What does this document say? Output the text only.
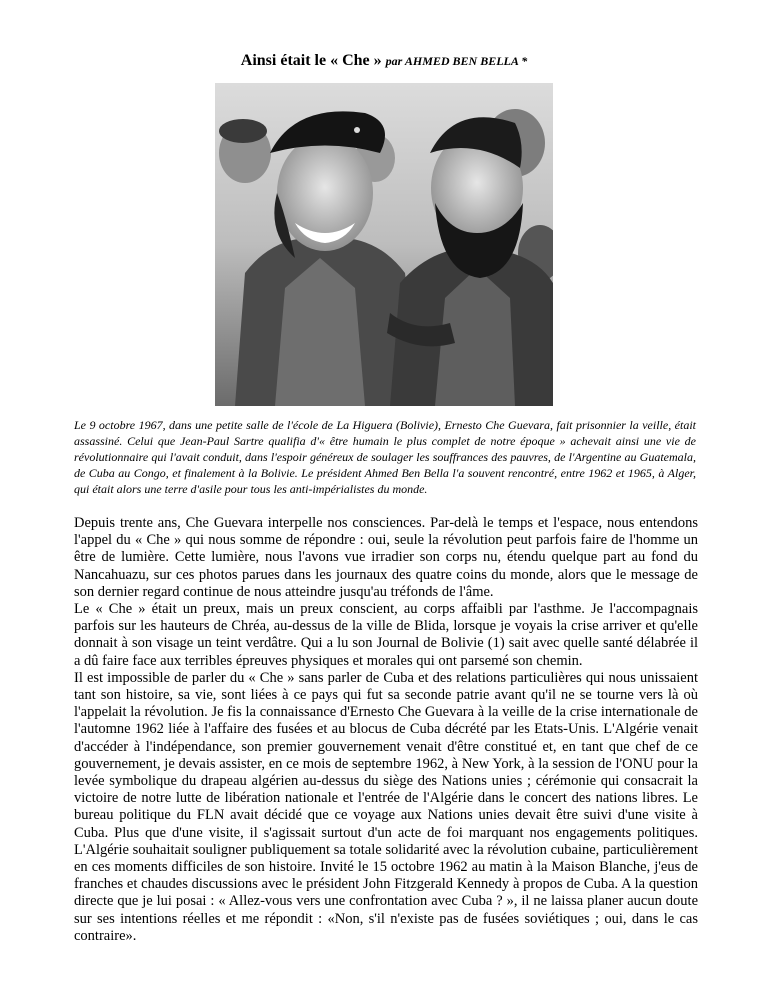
Ainsi était le « Che » par AHMED BEN BELLA *
Le 9 octobre 1967, dans une petite salle de l'école de La Higuera (Bolivie), Ernesto Che Guevara, fait prisonnier la veille, était assassiné. Celui que Jean-Paul Sartre qualifia d'« être humain le plus complet de notre époque » achevait ainsi une vie de révolutionnaire qui l'avait conduit, dans l'espoir généreux de soulager les souffrances des pauvres, de l'Argentine au Guatemala, de Cuba au Congo, et finalement à la Bolivie. Le président Ahmed Ben Bella l'a souvent rencontré, entre 1962 et 1965, à Alger, qui était alors une terre d'asile pour tous les anti-impérialistes du monde.

Depuis trente ans, Che Guevara interpelle nos consciences. Par-delà le temps et l'espace, nous entendons l'appel du « Che » qui nous somme de répondre : oui, seule la révolution peut parfois faire de l'homme un être de lumière. Cette lumière, nous l'avons vue irradier son corps nu, étendu quelque part au fond du Nancahuazu, sur ces photos parues dans les journaux des quatre coins du monde, alors que le message de son dernier regard continue de nous atteindre jusqu'au tréfonds de l'âme.

Le « Che » était un preux, mais un preux conscient, au corps affaibli par l'asthme. Je l'accompagnais parfois sur les hauteurs de Chréa, au-dessus de la ville de Blida, lorsque je voyais la crise arriver et qu'elle donnait à son visage un teint verdâtre. Qui a lu son Journal de Bolivie (1) sait avec quelle santé délabrée il a dû faire face aux terribles épreuves physiques et morales qui ont parsemé son chemin.

Il est impossible de parler du « Che » sans parler de Cuba et des relations particulières qui nous unissaient tant son histoire, sa vie, sont liées à ce pays qui fut sa seconde patrie avant qu'il ne se tourne vers là où l'appelait la révolution. Je fis la connaissance d'Ernesto Che Guevara à la veille de la crise internationale de l'automne 1962 liée à l'affaire des fusées et au blocus de Cuba décrété par les Etats-Unis. L'Algérie venait d'accéder à l'indépendance, son premier gouvernement venait d'être constitué et, en tant que chef de ce gouvernement, je devais assister, en ce mois de septembre 1962, à New York, à la session de l'ONU pour la levée symbolique du drapeau algérien au-dessus du siège des Nations unies ; cérémonie qui consacrait la victoire de notre lutte de libération nationale et l'entrée de l'Algérie dans le concert des nations libres. Le bureau politique du FLN avait décidé que ce voyage aux Nations unies devait être suivi d'une visite à Cuba. Plus que d'une visite, il s'agissait surtout d'un acte de foi marquant nos engagements politiques. L'Algérie souhaitait souligner publiquement sa totale solidarité avec la révolution cubaine, particulièrement en ces moments difficiles de son histoire. Invité le 15 octobre 1962 au matin à la Maison Blanche, j'eus de franches et chaudes discussions avec le président John Fitzgerald Kennedy à propos de Cuba. A la question directe que je lui posai : « Allez-vous vers une confrontation avec Cuba ? », il ne laissa planer aucun doute sur ses intentions réelles et me répondit : «Non, s'il n'existe pas de fusées soviétiques ; oui, dans le cas contraire».
